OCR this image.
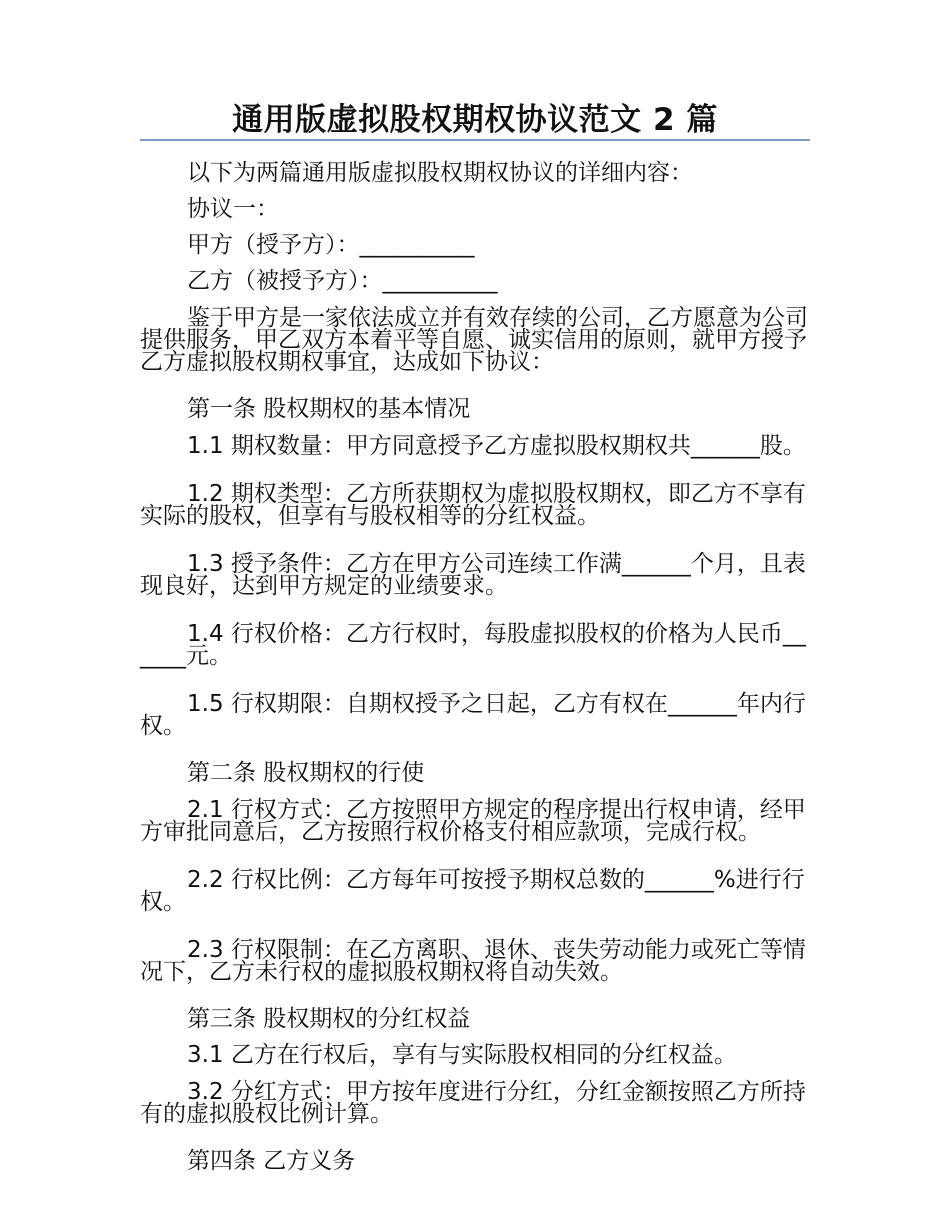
通用版虚拟股权期权协议范文 2 篇

以下为两篇通用版虚拟股权期权协议的详细内容：

协议一：

甲方（授予方）：__________

乙方（被授予方）：__________

鉴于甲方是一家依法成立并有效存续的公司，乙方愿意为公司提供服务，甲乙双方本着平等自愿、诚实信用的原则，就甲方授予乙方虚拟股权期权事宜，达成如下协议：

第一条 股权期权的基本情况

1.1 期权数量：甲方同意授予乙方虚拟股权期权共______股。

1.2 期权类型：乙方所获期权为虚拟股权期权，即乙方不享有实际的股权，但享有与股权相等的分红权益。

1.3 授予条件：乙方在甲方公司连续工作满______个月，且表现良好，达到甲方规定的业绩要求。

1.4 行权价格：乙方行权时，每股虚拟股权的价格为人民币______元。

1.5 行权期限：自期权授予之日起，乙方有权在______年内行权。

第二条 股权期权的行使

2.1 行权方式：乙方按照甲方规定的程序提出行权申请，经甲方审批同意后，乙方按照行权价格支付相应款项，完成行权。

2.2 行权比例：乙方每年可按授予期权总数的______%进行行权。

2.3 行权限制：在乙方离职、退休、丧失劳动能力或死亡等情况下，乙方未行权的虚拟股权期权将自动失效。

第三条 股权期权的分红权益

3.1 乙方在行权后，享有与实际股权相同的分红权益。

3.2 分红方式：甲方按年度进行分红，分红金额按照乙方所持有的虚拟股权比例计算。

第四条 乙方义务
